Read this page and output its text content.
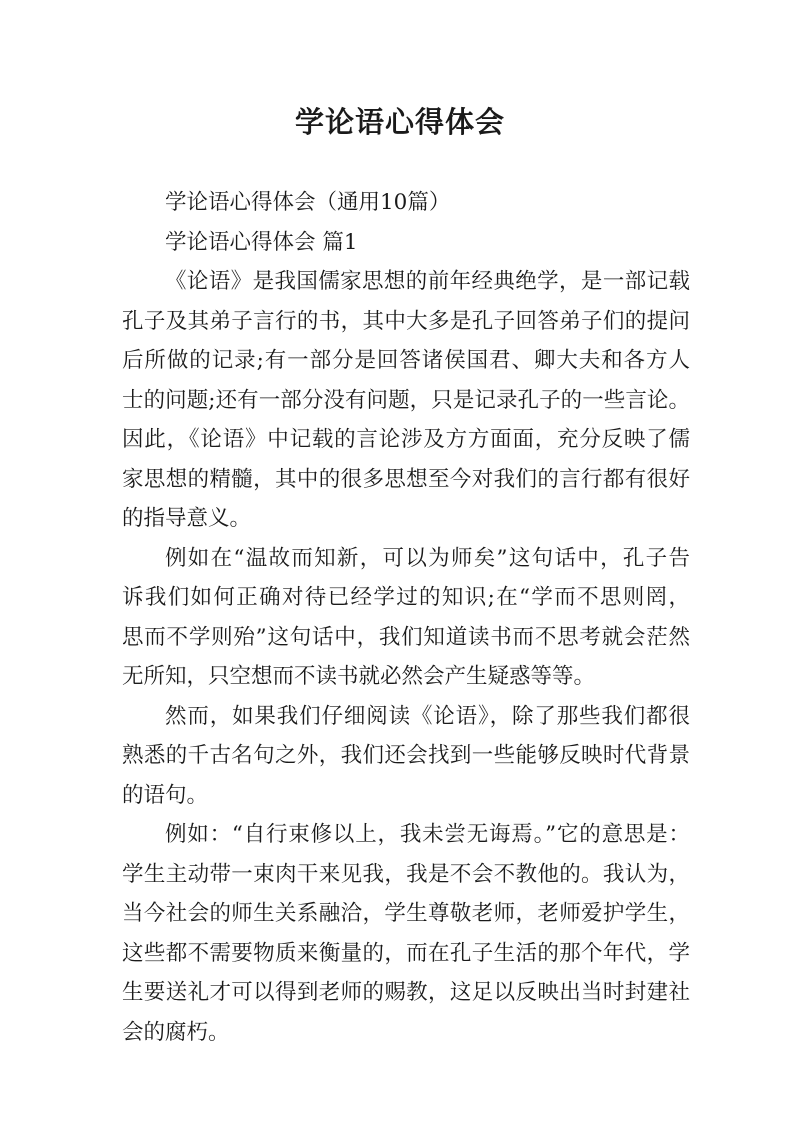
学论语心得体会

学论语心得体会（通用10篇）

学论语心得体会 篇1

《论语》是我国儒家思想的前年经典绝学，是一部记载

孔子及其弟子言行的书，其中大多是孔子回答弟子们的提问

后所做的记录;有一部分是回答诸侯国君、卿大夫和各方人

士的问题;还有一部分没有问题，只是记录孔子的一些言论。

因此，《论语》中记载的言论涉及方方面面，充分反映了儒

家思想的精髓，其中的很多思想至今对我们的言行都有很好

的指导意义。

例如在“温故而知新，可以为师矣”这句话中，孔子告

诉我们如何正确对待已经学过的知识;在“学而不思则罔，

思而不学则殆”这句话中，我们知道读书而不思考就会茫然

无所知，只空想而不读书就必然会产生疑惑等等。

然而，如果我们仔细阅读《论语》，除了那些我们都很

熟悉的千古名句之外，我们还会找到一些能够反映时代背景

的语句。

例如：“自行束修以上，我未尝无诲焉。”它的意思是：

学生主动带一束肉干来见我，我是不会不教他的。我认为，

当今社会的师生关系融洽，学生尊敬老师，老师爱护学生，

这些都不需要物质来衡量的，而在孔子生活的那个年代，学

生要送礼才可以得到老师的赐教，这足以反映出当时封建社

会的腐朽。
